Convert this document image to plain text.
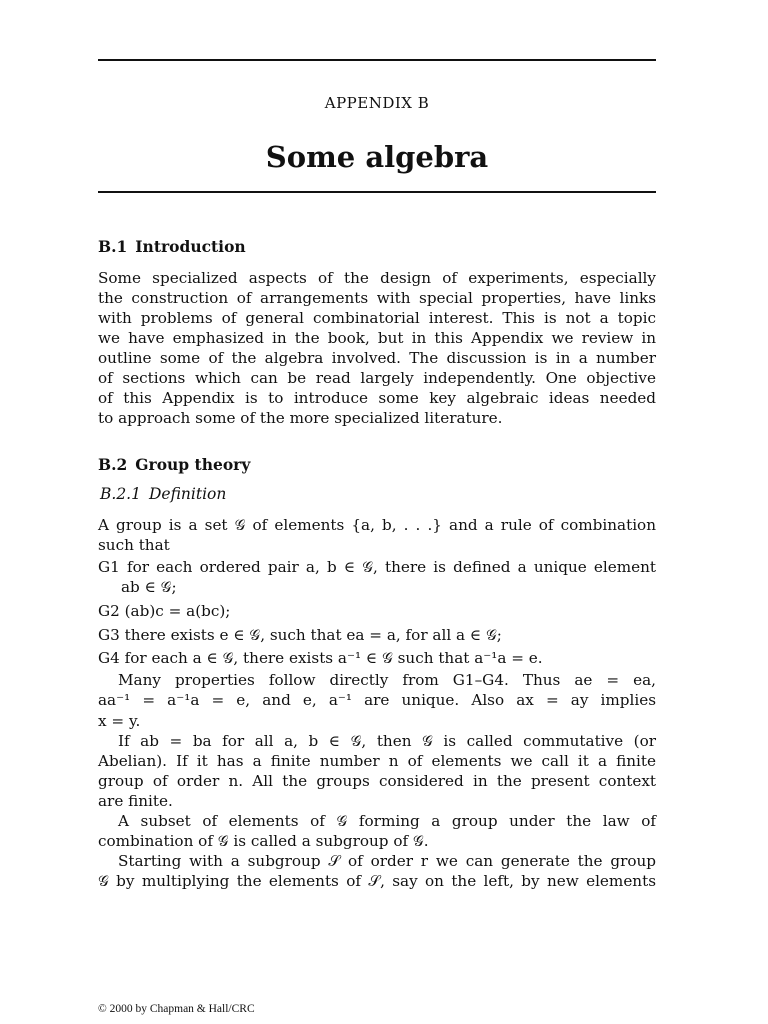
APPENDIX B
Some algebra
B.1 Introduction
Some specialized aspects of the design of experiments, especially
the construction of arrangements with special properties, have links
with problems of general combinatorial interest. This is not a topic
we have emphasized in the book, but in this Appendix we review in
outline some of the algebra involved. The discussion is in a number
of sections which can be read largely independently. One objective
of this Appendix is to introduce some key algebraic ideas needed
to approach some of the more specialized literature.
B.2 Group theory
B.2.1 Definition
A group is a set 𝒢 of elements {a, b, . . .} and a rule of combination
such that
G1 for each ordered pair a, b ∈ 𝒢, there is defined a unique element
ab ∈ 𝒢;
G2 (ab)c = a(bc);
G3 there exists e ∈ 𝒢, such that ea = a, for all a ∈ 𝒢;
G4 for each a ∈ 𝒢, there exists a⁻¹ ∈ 𝒢 such that a⁻¹a = e.
Many properties follow directly from G1–G4. Thus ae = ea,
aa⁻¹ = a⁻¹a = e, and e, a⁻¹ are unique. Also ax = ay implies
x = y.
If ab = ba for all a, b ∈ 𝒢, then 𝒢 is called commutative (or
Abelian). If it has a finite number n of elements we call it a finite
group of order n. All the groups considered in the present context
are finite.
A subset of elements of 𝒢 forming a group under the law of
combination of 𝒢 is called a subgroup of 𝒢.
Starting with a subgroup 𝒮 of order r we can generate the group
𝒢 by multiplying the elements of 𝒮, say on the left, by new elements
© 2000 by Chapman & Hall/CRC
